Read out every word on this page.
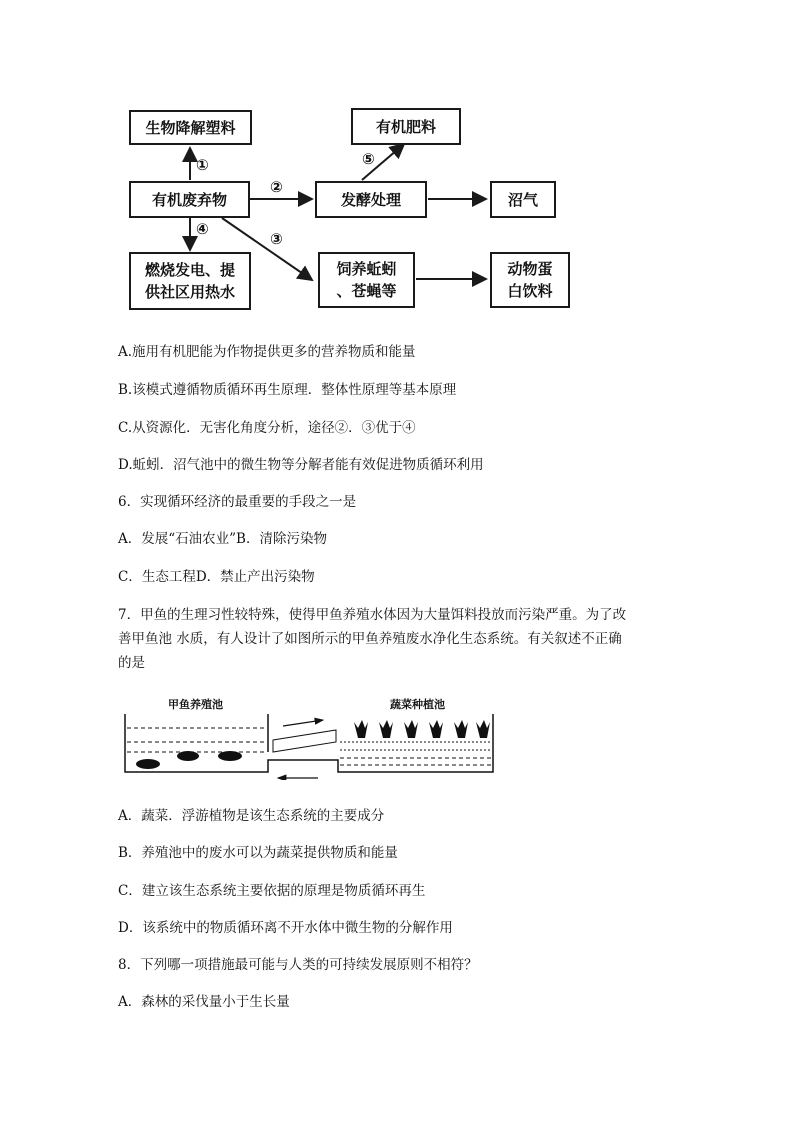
生物降解塑料	有机肥料
有机废弃物	发酵处理	沼气
燃烧发电、提
供社区用热水
饲养蚯蚓
、苍蝇等
动物蛋
白饮料
①
②
③
④
⑤
A.施用有机肥能为作物提供更多的营养物质和能量
B.该模式遵循物质循环再生原理．整体性原理等基本原理
C.从资源化．无害化角度分析，途径②．③优于④
D.蚯蚓．沼气池中的微生物等分解者能有效促进物质循环利用
6．实现循环经济的最重要的手段之一是
A．发展“石油农业”B．清除污染物
C．生态工程D．禁止产出污染物
7．甲鱼的生理习性较特殊，使得甲鱼养殖水体因为大量饵料投放而污染严重。为了改
善甲鱼池 水质，有人设计了如图所示的甲鱼养殖废水净化生态系统。有关叙述不正确
的是
甲鱼养殖池	蔬菜种植池
A．蔬菜．浮游植物是该生态系统的主要成分
B．养殖池中的废水可以为蔬菜提供物质和能量
C．建立该生态系统主要依据的原理是物质循环再生
D．该系统中的物质循环离不开水体中微生物的分解作用
8．下列哪一项措施最可能与人类的可持续发展原则不相符？
A．森林的采伐量小于生长量
